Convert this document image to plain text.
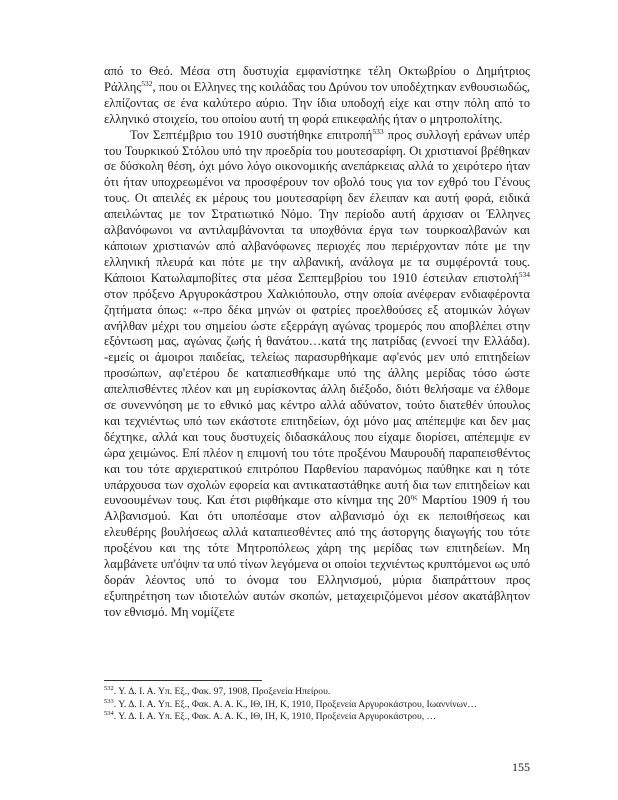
από το Θεό. Μέσα στη δυστυχία εμφανίστηκε τέλη Οκτωβρίου ο Δημήτριος Ράλλης$^{532}$, που οι Ελληνες της κοιλάδας του Δρύνου τον υποδέχτηκαν ενθουσιωδώς, ελπίζοντας σε ένα καλύτερο αύριο. Την ίδια υποδοχή είχε και στην πόλη από το ελληνικό στοιχείο, του οποίου αυτή τη φορά επικεφαλής ήταν ο μητροπολίτης.

Τον Σεπτέμβριο του 1910 συστήθηκε επιτροπή$^{533}$ προς συλλογή εράνων υπέρ του Τουρκικού Στόλου υπό την προεδρία του μουτεσαρίφη. Οι χριστιανοί βρέθηκαν σε δύσκολη θέση, όχι μόνο λόγο οικονομικής ανεπάρκειας αλλά το χειρότερο ήταν ότι ήταν υποχρεωμένοι να προσφέρουν τον οβολό τους για τον εχθρό του Γένους τους. Οι απειλές εκ μέρους του μουτεσαρίφη δεν έλειπαν και αυτή φορά, ειδικά απειλώντας με τον Στρατιωτικό Νόμο. Την περίοδο αυτή άρχισαν οι Έλληνες αλβανόφωνοι να αντιλαμβάνονται τα υποχθόνια έργα των τουρκοαλβανών και κάποιων χριστιανών από αλβανόφωνες περιοχές που περιέρχονταν πότε με την ελληνική πλευρά και πότε με την αλβανική, ανάλογα με τα συμφέροντά τους. Κάποιοι Κατωλαμποβίτες στα μέσα Σεπτεμβρίου του 1910 έστειλαν επιστολή$^{534}$ στον πρόξενο Αργυροκάστρου Χαλκιόπουλο, στην οποία ανέφεραν ενδιαφέροντα ζητήματα όπως: «-προ δέκα μηνών οι φατρίες προελθούσες εξ ατομικών λόγων ανήλθαν μέχρι του σημείου ώστε εξερράγη αγώνας τρομερός που αποβλέπει στην εξόντωση μας, αγώνας ζωής ή θανάτου…κατά της πατρίδας (εννοεί την Ελλάδα). -εμείς οι άμοιροι παιδείας, τελείως παρασυρθήκαμε αφ'ενός μεν υπό επιτηδείων προσώπων, αφ'ετέρου δε καταπιεσθήκαμε υπό της άλλης μερίδας τόσο ώστε απελπισθέντες πλέον και μη ευρίσκοντας άλλη διέξοδο, διότι θελήσαμε να έλθομε σε συνεννόηση με το εθνικό μας κέντρο αλλά αδύνατον, τούτο διατεθέν ύπουλος και τεχνιέντως υπό των εκάστοτε επιτηδείων, όχι μόνο μας απέπεμψε και δεν μας δέχτηκε, αλλά και τους δυστυχείς διδασκάλους που είχαμε διορίσει, απέπεμψε εν ώρα χειμώνος. Επί πλέον η επιμονή του τότε προξένου Μαυρουδή παραπεισθέντος και του τότε αρχιερατικού επιτρόπου Παρθενίου παρανόμως παύθηκε και η τότε υπάρχουσα των σχολών εφορεία και αντικαταστάθηκε αυτή δια των επιτηδείων και ευνοουμένων τους. Και έτσι ριφθήκαμε στο κίνημα της $20^{\eta\varsigma}$ Μαρτίου 1909 ή του Αλβανισμού. Και ότι υποπέσαμε στον αλβανισμό όχι εκ πεποιθήσεως και ελευθέρης βουλήσεως αλλά καταπιεσθέντες από της άστοργης διαγωγής του τότε προξένου και της τότε Μητροπόλεως χάρη της μερίδας των επιτηδείων. Μη λαμβάνετε υπ'όψιν τα υπό τίνων λεγόμενα οι οποίοι τεχνιέντως κρυπτόμενοι ως υπό δοράν λέοντος υπό το όνομα του Ελληνισμού, μύρια διαπράττουν προς εξυπηρέτηση των ιδιοτελών αυτών σκοπών, μεταχειριζόμενοι μέσον ακατάβλητον τον εθνισμό. Μη νομίζετε

$^{532}$. Υ. Δ. Ι. Α. Υπ. Εξ., Φακ. 97, 1908, Προξενεία Ηπείρου.

$^{533}$. Υ. Δ. Ι. Α. Υπ. Εξ., Φακ. Α. Α. Κ., ΙΘ, ΙΗ, Κ, 1910, Προξενεία Αργυροκάστρου, Ιωαννίνων…

$^{534}$. Υ. Δ. Ι. Α. Υπ. Εξ., Φακ. Α. Α. Κ., ΙΘ, ΙΗ, Κ, 1910, Προξενεία Αργυροκάστρου, …

155
